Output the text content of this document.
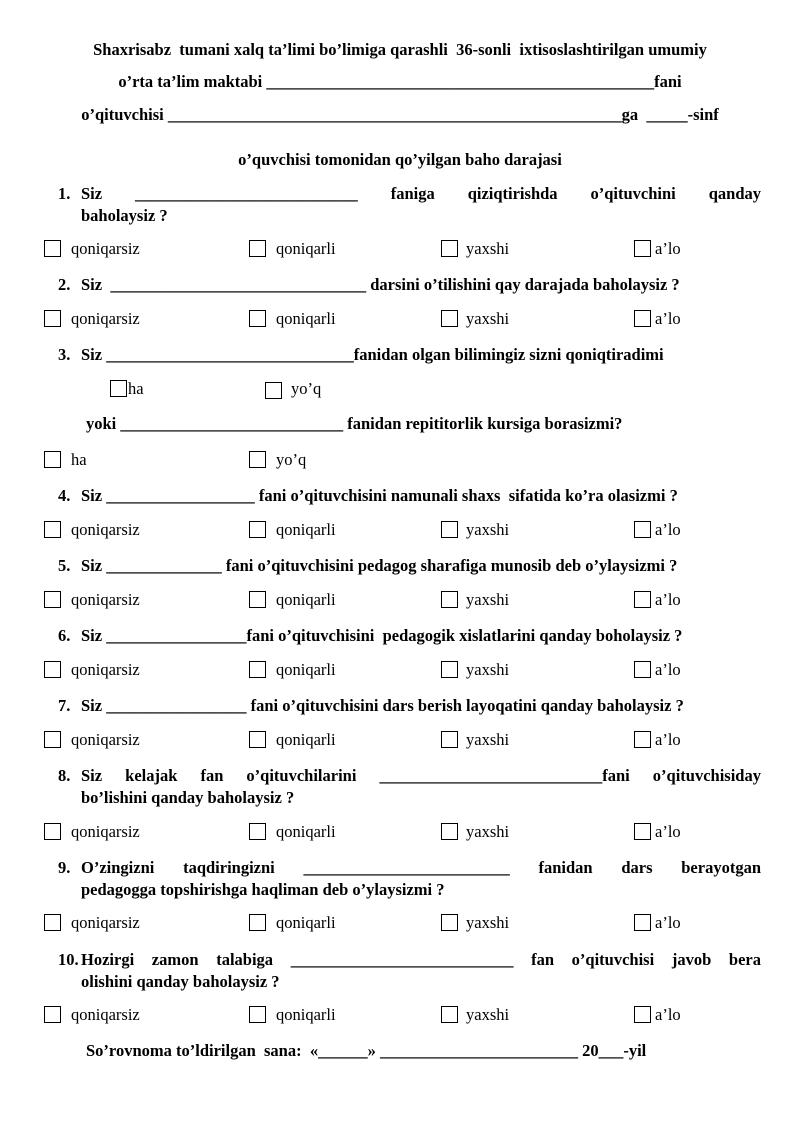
Shaxrisabz  tumani xalq ta’limi bo’limiga qarashli  36-sonli  ixtisoslashtirilgan umumiy
o’rta ta’lim maktabi _______________________________________________fani
o’qituvchisi _______________________________________________________ga  _____-sinf
o’quvchisi tomonidan qo’yilgan baho darajasi
1. Siz ___________________________ faniga qiziqtirishda o’qituvchini qanday
baholaysiz ?
qoniqarsiz	qoniqarli	yaxshi	a’lo
2. Siz  _______________________________ darsini o’tilishini qay darajada baholaysiz ?
qoniqarsiz	qoniqarli	yaxshi	a’lo
3. Siz ______________________________fanidan olgan bilimingiz sizni qoniqtiradimi
ha	yo’q
yoki ___________________________ fanidan repititorlik kursiga borasizmi?
ha	yo’q
4. Siz __________________ fani o’qituvchisini namunali shaxs  sifatida ko’ra olasizmi ?
qoniqarsiz	qoniqarli	yaxshi	a’lo
5. Siz ______________ fani o’qituvchisini pedagog sharafiga munosib deb o’ylaysizmi ?
qoniqarsiz	qoniqarli	yaxshi	a’lo
6. Siz _________________fani o’qituvchisini  pedagogik xislatlarini qanday boholaysiz ?
qoniqarsiz	qoniqarli	yaxshi	a’lo
7. Siz _________________ fani o’qituvchisini dars berish layoqatini qanday baholaysiz ?
qoniqarsiz	qoniqarli	yaxshi	a’lo
8. Siz kelajak fan o’qituvchilarini ___________________________fani o’qituvchisiday
bo’lishini qanday baholaysiz ?
qoniqarsiz	qoniqarli	yaxshi	a’lo
9. O’zingizni taqdiringizni _________________________ fanidan dars berayotgan
pedagogga topshirishga haqliman deb o’ylaysizmi ?
qoniqarsiz	qoniqarli	yaxshi	a’lo
10. Hozirgi zamon talabiga ___________________________ fan o’qituvchisi javob bera
olishini qanday baholaysiz ?
qoniqarsiz	qoniqarli	yaxshi	a’lo
So’rovnoma to’ldirilgan  sana:  «______» ________________________ 20___-yil
